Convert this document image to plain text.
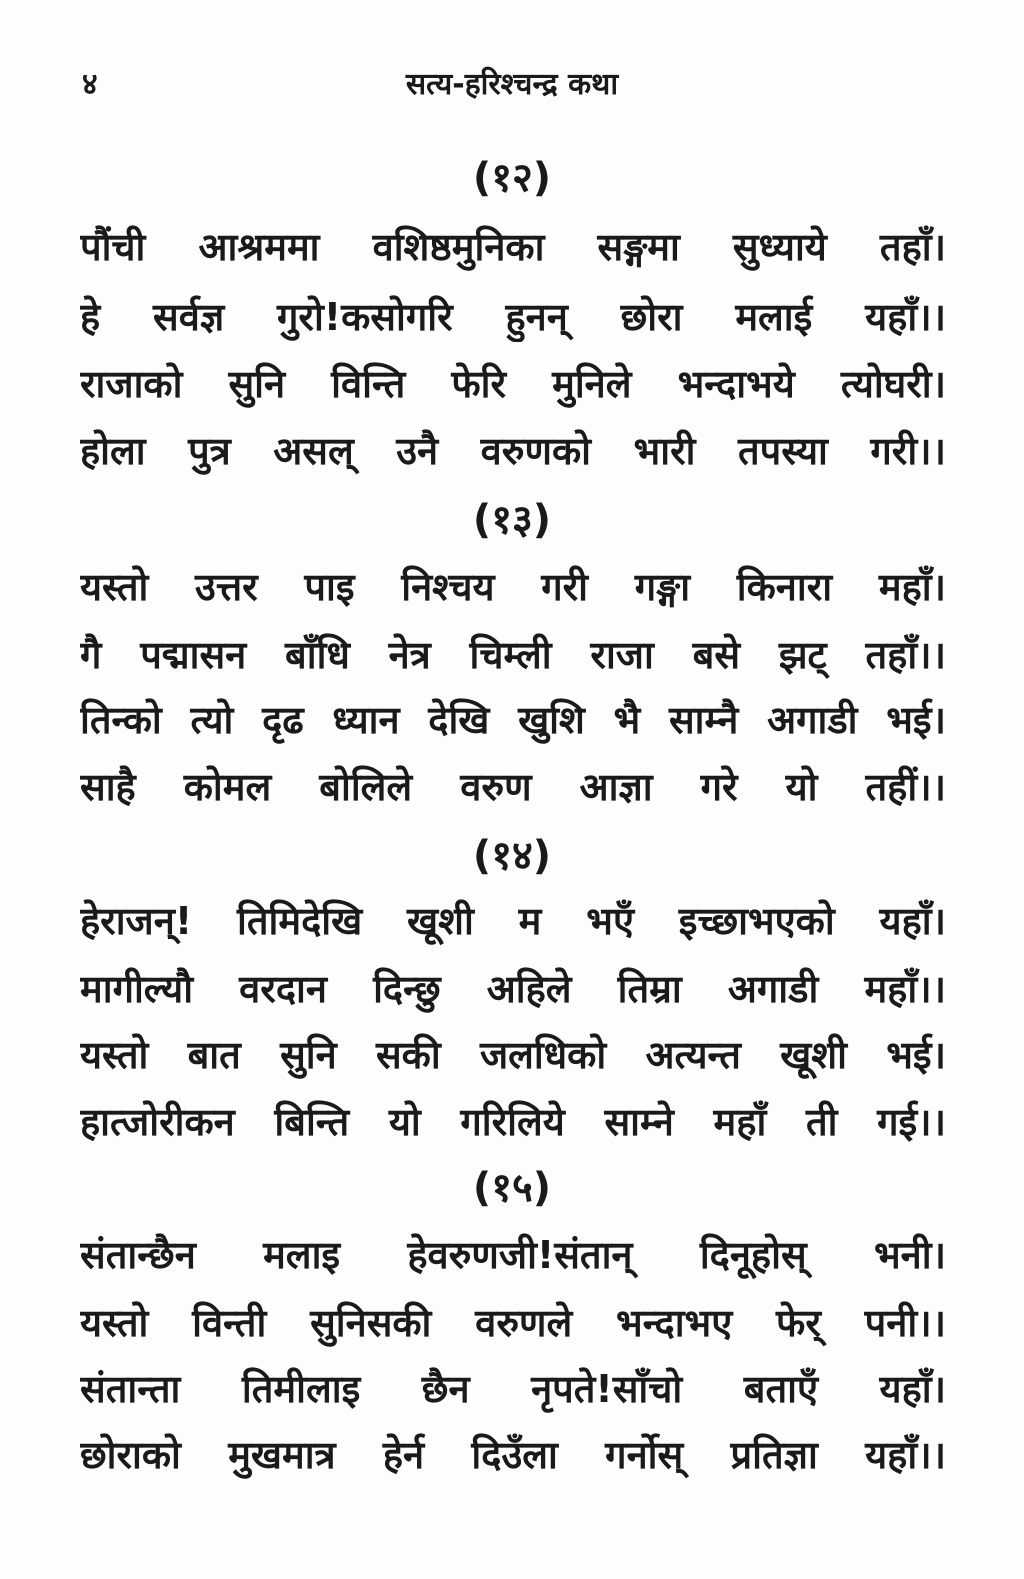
४	सत्य-हरिश्चन्द्र कथा
(१२)
पौंची आश्रममा वशिष्ठमुनिका सङ्गमा सुध्याये तहाँ।
हे सर्वज्ञ गुरो!कसोगरि हुनन् छोरा मलाई यहाँ।।
राजाको सुनि विन्ति फेरि मुनिले भन्दाभये त्योघरी।
होला पुत्र असल् उनै वरुणको भारी तपस्या गरी।।
(१३)
यस्तो उत्तर पाइ निश्चय गरी गङ्गा किनारा महाँ।
गै पद्मासन बाँधि नेत्र चिम्ली राजा बसे झट् तहाँ।।
तिन्को त्यो दृढ ध्यान देखि खुशि भै साम्नै अगाडी भई।
साहै कोमल बोलिले वरुण आज्ञा गरे यो तहीं।।
(१४)
हेराजन्! तिमिदेखि खूशी म भएँ इच्छाभएको यहाँ।
मागील्यौ वरदान दिन्छु अहिले तिम्रा अगाडी महाँ।।
यस्तो बात सुनि सकी जलधिको अत्यन्त खूशी भई।
हात्जोरीकन बिन्ति यो गरिलिये साम्ने महाँ ती गई।।
(१५)
संतान्छैन मलाइ हेवरुणजी!संतान् दिनूहोस् भनी।
यस्तो विन्ती सुनिसकी वरुणले भन्दाभए फेर् पनी।।
संतान्ता तिमीलाइ छैन नृपते!साँचो बताएँ यहाँ।
छोराको मुखमात्र हेर्न दिउँला गर्नोस् प्रतिज्ञा यहाँ।।
